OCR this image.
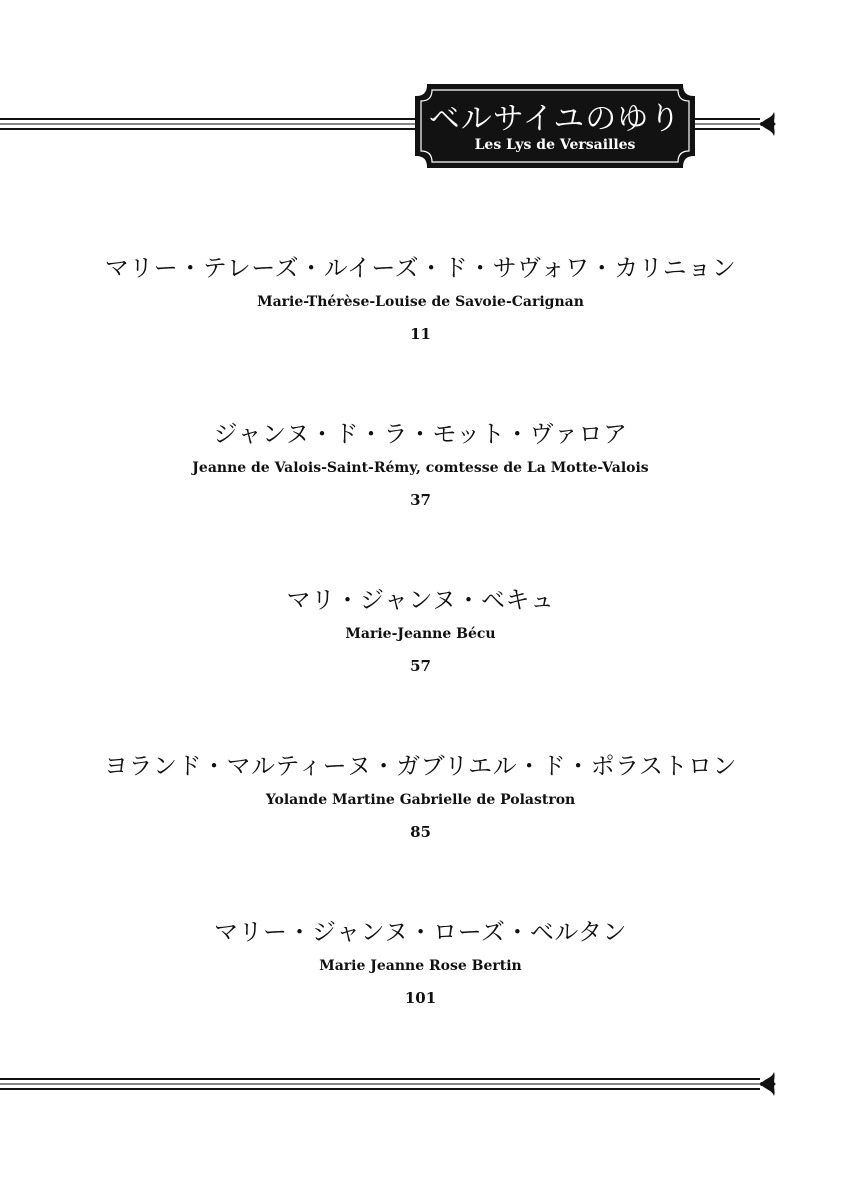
ベルサイユのゆり
Les Lys de Versailles
マリー・テレーズ・ルイーズ・ド・サヴォワ・カリニョン
Marie-Thérèse-Louise de Savoie-Carignan
11
ジャンヌ・ド・ラ・モット・ヴァロア
Jeanne de Valois-Saint-Rémy, comtesse de La Motte-Valois
37
マリ・ジャンヌ・ベキュ
Marie-Jeanne Bécu
57
ヨランド・マルティーヌ・ガブリエル・ド・ポラストロン
Yolande Martine Gabrielle de Polastron
85
マリー・ジャンヌ・ローズ・ベルタン
Marie Jeanne Rose Bertin
101
